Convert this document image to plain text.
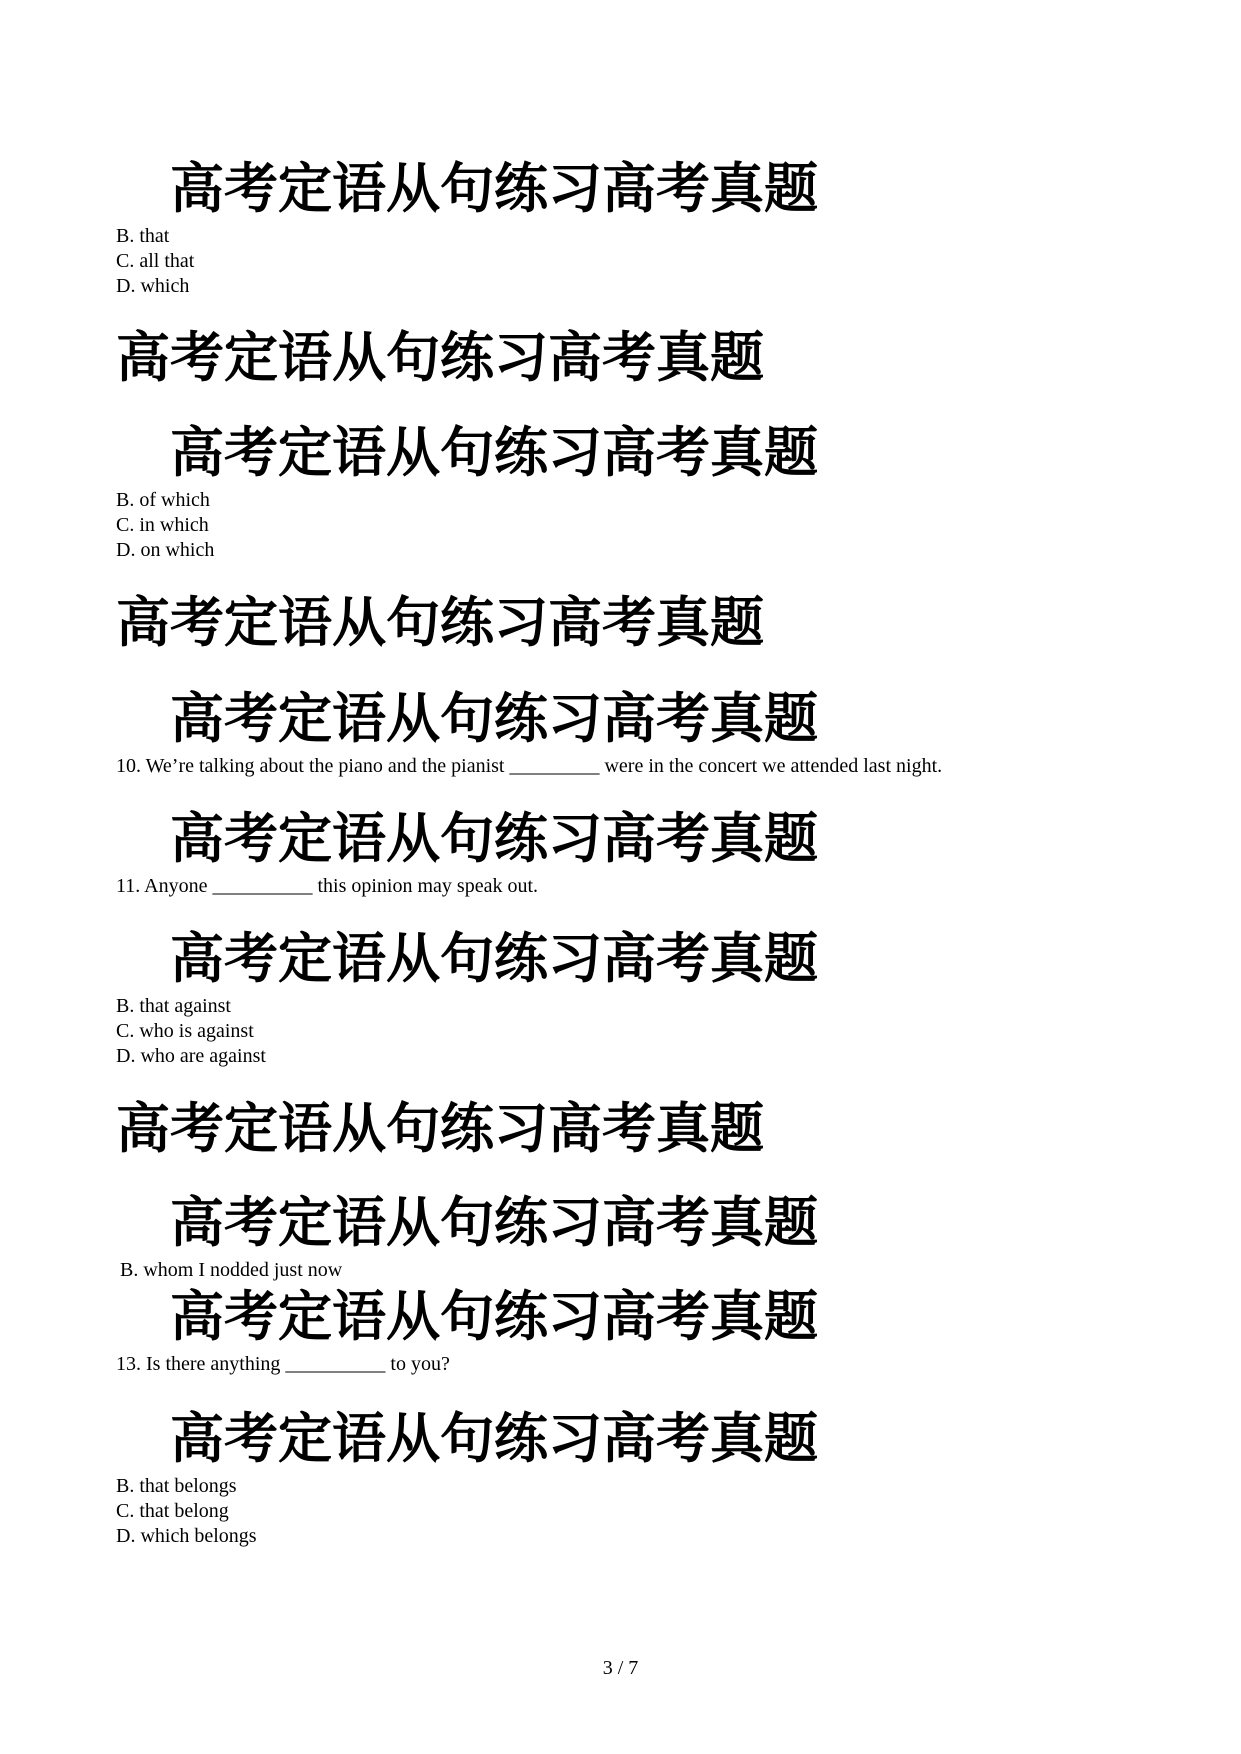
高考定语从句练习高考真题
B. that
C. all that
D. which
高考定语从句练习高考真题
高考定语从句练习高考真题
B. of which
C. in which
D. on which
高考定语从句练习高考真题
高考定语从句练习高考真题
10. We’re talking about the piano and the pianist _________ were in the concert we attended last night.
高考定语从句练习高考真题
11. Anyone __________ this opinion may speak out.
高考定语从句练习高考真题
B. that against
C. who is against
D. who are against
高考定语从句练习高考真题
高考定语从句练习高考真题
B. whom I nodded just now
高考定语从句练习高考真题
13. Is there anything __________ to you?
高考定语从句练习高考真题
B. that belongs
C. that belong
D. which belongs
3 / 7
